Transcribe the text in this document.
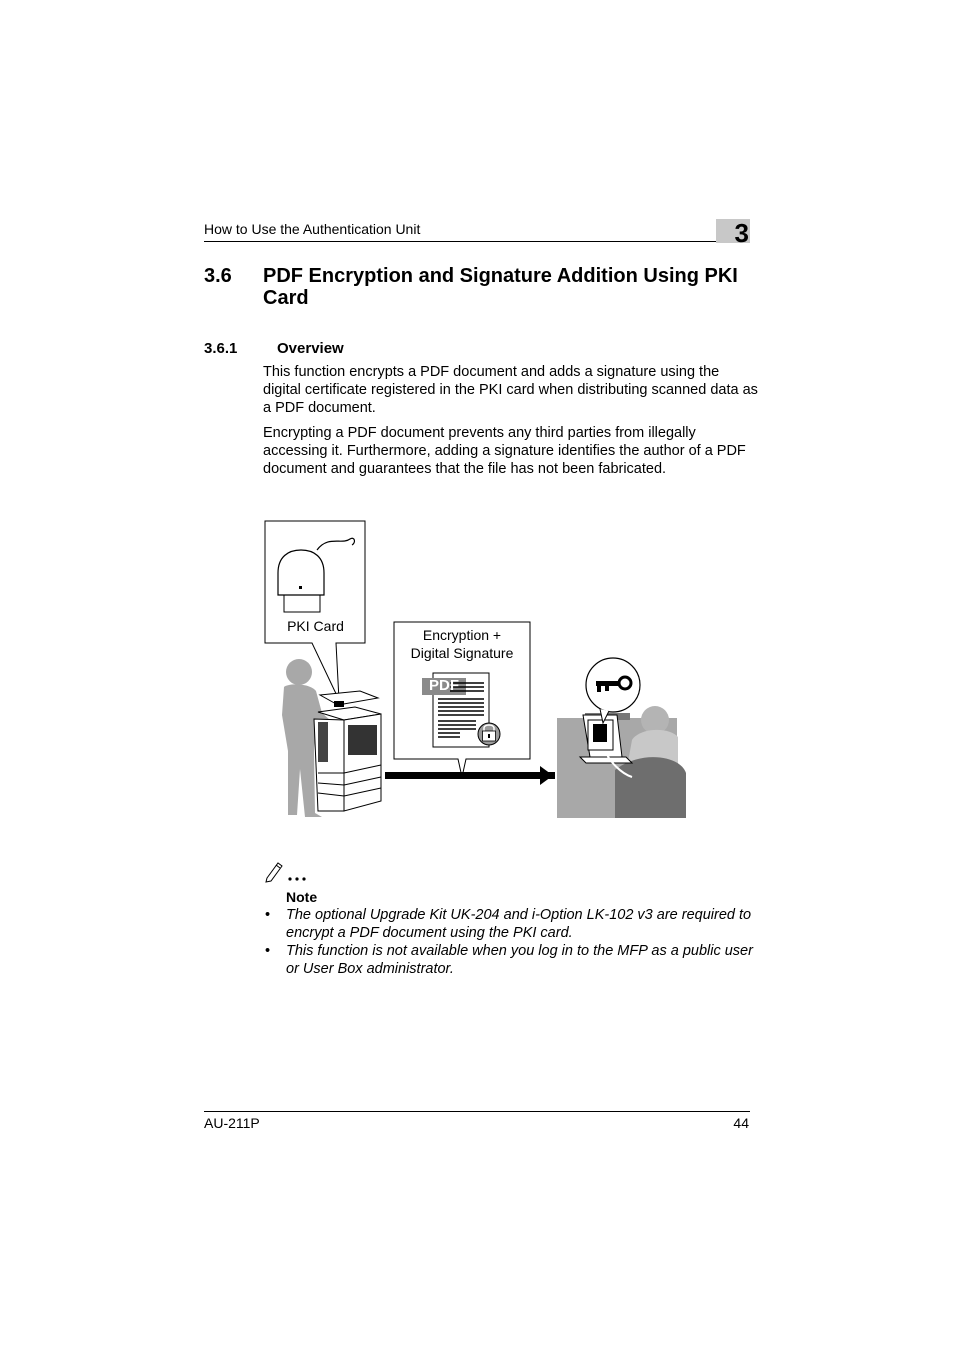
How to Use the Authentication Unit	3
3.6 PDF Encryption and Signature Addition Using PKI Card
3.6.1	Overview
This function encrypts a PDF document and adds a signature using the digital certificate registered in the PKI card when distributing scanned data as a PDF document.
Encrypting a PDF document prevents any third parties from illegally accessing it. Furthermore, adding a signature identifies the author of a PDF document and guarantees that the file has not been fabricated.
PKI Card
Encryption +
Digital Signature
PDF
Note
• The optional Upgrade Kit UK-204 and i-Option LK-102 v3 are required to encrypt a PDF document using the PKI card.
• This function is not available when you log in to the MFP as a public user or User Box administrator.
AU-211P	44
